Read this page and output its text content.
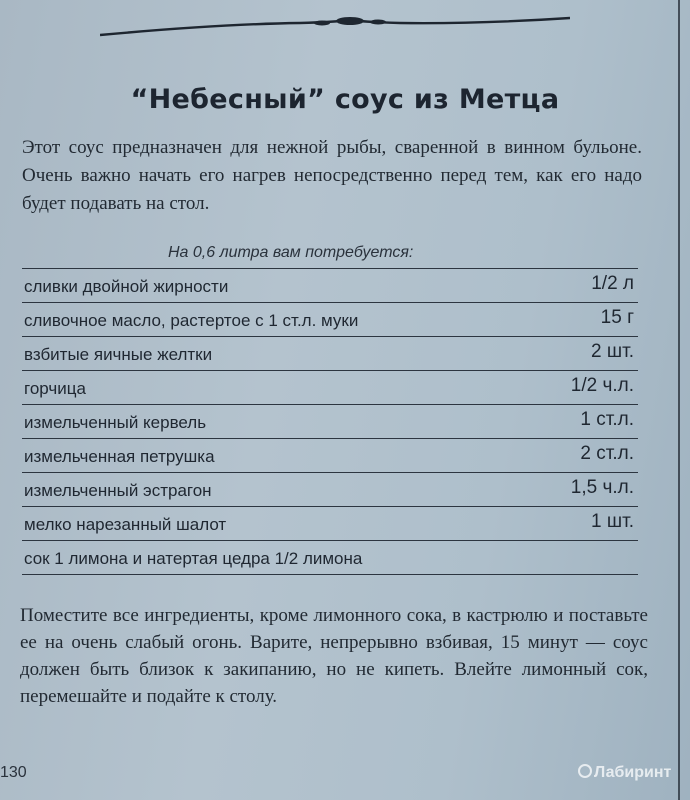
“Небесный” соус из Метца
Этот соус предназначен для нежной рыбы, сваренной в винном бульоне. Очень важно начать его нагрев непосредственно перед тем, как его надо будет подавать на стол.
На 0,6 литра вам потребуется:
сливки двойной жирности	1/2 л
сливочное масло, растертое с 1 ст.л. муки	15 г
взбитые яичные желтки	2 шт.
горчица	1/2 ч.л.
измельченный кервель	1 ст.л.
измельченная петрушка	2 ст.л.
измельченный эстрагон	1,5 ч.л.
мелко нарезанный шалот	1 шт.
сок 1 лимона и натертая цедра 1/2 лимона
Поместите все ингредиенты, кроме лимонного сока, в кастрюлю и поставьте ее на очень слабый огонь. Варите, непрерывно взбивая, 15 минут — соус должен быть близок к закипанию, но не кипеть. Влейте лимонный сок, перемешайте и подайте к столу.
130	Лабиринт
